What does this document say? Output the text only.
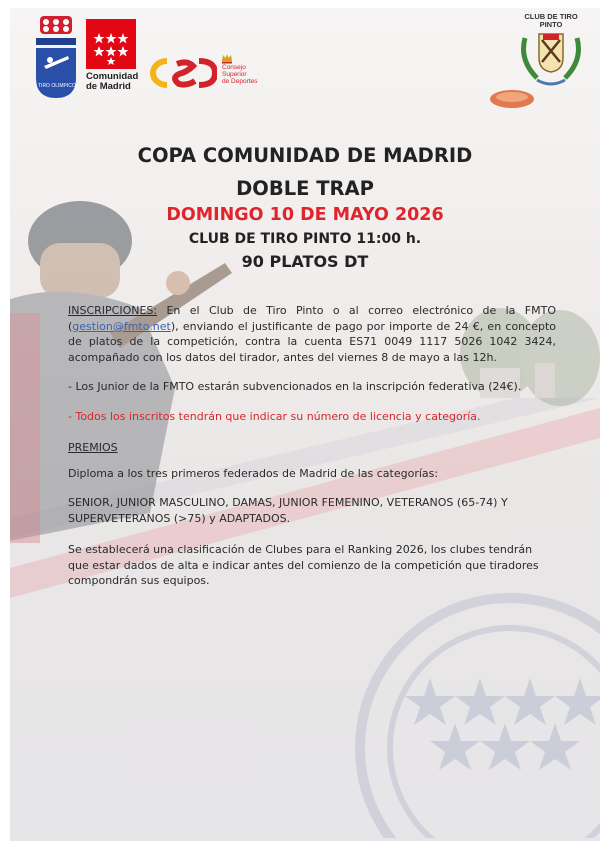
TIRO OLIMPICO
Comunidad
de Madrid
Consejo
Superior
de Deportes
CLUB DE TIRO
PINTO
COPA COMUNIDAD DE MADRID
DOBLE TRAP
DOMINGO 10 DE MAYO 2026
CLUB DE TIRO PINTO 11:00 h.
90 PLATOS DT

INSCRIPCIONES: En el Club de Tiro Pinto o al correo electrónico de la FMTO (gestion@fmto.net), enviando el justificante de pago por importe de 24 €, en concepto de platos de la competición, contra la cuenta ES71 0049 1117 5026 1042 3424, acompañado con los datos del tirador, antes del viernes 8 de mayo a las 12h.

- Los Junior de la FMTO estarán subvencionados en la inscripción federativa (24€).

- Todos los inscritos tendrán que indicar su número de licencia y categoría.

PREMIOS

Diploma a los tres primeros federados de Madrid de las categorías:

SENIOR, JUNIOR MASCULINO, DAMAS, JUNIOR FEMENINO, VETERANOS (65-74) Y SUPERVETERANOS (>75) y ADAPTADOS.

Se establecerá una clasificación de Clubes para el Ranking 2026, los clubes tendrán que estar dados de alta e indicar antes del comienzo de la competición que tiradores compondrán sus equipos.
